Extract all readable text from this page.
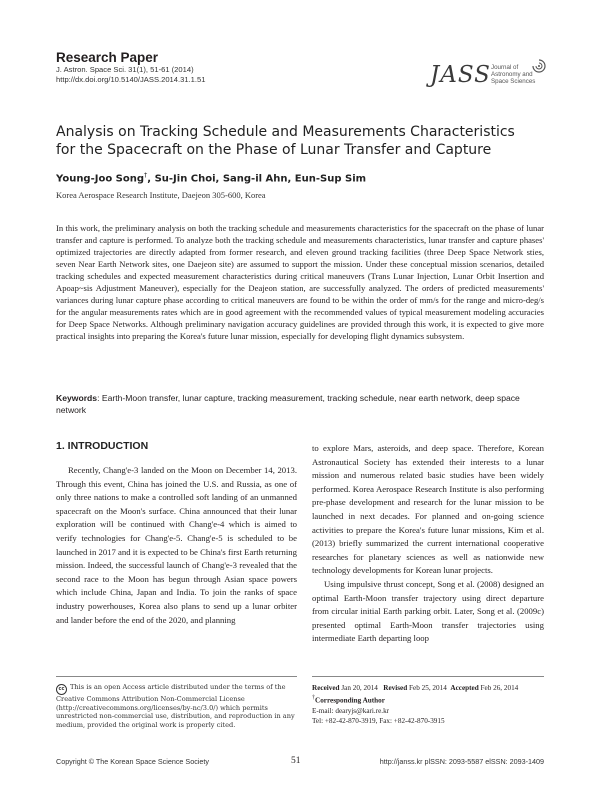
Research Paper
J. Astron. Space Sci. 31(1), 51-61 (2014)
http://dx.doi.org/10.5140/JASS.2014.31.1.51	JASS Journal of
Astronomy and
Space Sciences
Analysis on Tracking Schedule and Measurements Characteristics
for the Spacecraft on the Phase of Lunar Transfer and Capture
Young-Joo Song†, Su-Jin Choi, Sang-il Ahn, Eun-Sup Sim
Korea Aerospace Research Institute, Daejeon 305-600, Korea
In this work, the preliminary analysis on both the tracking schedule and measurements characteristics for the spacecraft on the phase of lunar transfer and capture is performed. To analyze both the tracking schedule and measurements characteristics, lunar transfer and capture phases' optimized trajectories are directly adapted from former research, and eleven ground tracking facilities (three Deep Space Network sties, seven Near Earth Network sites, one Daejeon site) are assumed to support the mission. Under these conceptual mission scenarios, detailed tracking schedules and expected measurement characteristics during critical maneuvers (Trans Lunar Injection, Lunar Orbit Insertion and Apoap~sis Adjustment Maneuver), especially for the Deajeon station, are successfully analyzed. The orders of predicted measurements' variances during lunar capture phase according to critical maneuvers are found to be within the order of mm/s for the range and micro-deg/s for the angular measurements rates which are in good agreement with the recommended values of typical measurement modeling accuracies for Deep Space Networks. Although preliminary navigation accuracy guidelines are provided through this work, it is expected to give more practical insights into preparing the Korea's future lunar mission, especially for developing flight dynamics subsystem.
Keywords: Earth-Moon transfer, lunar capture, tracking measurement, tracking schedule, near earth network, deep space network
1. INTRODUCTION

Recently, Chang'e-3 landed on the Moon on December 14, 2013. Through this event, China has joined the U.S. and Russia, as one of only three nations to make a controlled soft landing of an unmanned spacecraft on the Moon's surface. China announced that their lunar exploration will be continued with Chang'e-4 which is aimed to verify technologies for Chang'e-5. Chang'e-5 is scheduled to be launched in 2017 and it is expected to be China's first Earth returning mission. Indeed, the successful launch of Chang'e-3 revealed that the second race to the Moon has begun through Asian space powers which include China, Japan and India. To join the ranks of space industry powerhouses, Korea also plans to send up a lunar orbiter and lander before the end of the 2020, and planning

to explore Mars, asteroids, and deep space. Therefore, Korean Astronautical Society has extended their interests to a lunar mission and numerous related basic studies have been widely performed. Korea Aerospace Research Institute is also performing pre-phase development and research for the lunar mission to be launched in next decades. For planned and on-going science activities to prepare the Korea's future lunar missions, Kim et al. (2013) briefly summarized the current international cooperative researches for planetary sciences as well as nationwide new technology developments for Korean lunar projects.

Using impulsive thrust concept, Song et al. (2008) designed an optimal Earth-Moon transfer trajectory using direct departure from circular initial Earth parking orbit. Later, Song et al. (2009c) presented optimal Earth-Moon transfer trajectories using intermediate Earth departing loop

cc This is an open Access article distributed under the terms of the Creative Commons Attribution Non-Commercial License (http://creativecommons.org/licenses/by-nc/3.0/) which permits unrestricted non-commercial use, distribution, and reproduction in any medium, provided the original work is properly cited.
Received Jan 20, 2014 Revised Feb 25, 2014 Accepted Feb 26, 2014
†Corresponding Author
E-mail: dearyjs@kari.re.kr
Tel: +82-42-870-3919, Fax: +82-42-870-3915
Copyright © The Korean Space Science Society	51	http://janss.kr plSSN: 2093-5587 elSSN: 2093-1409
